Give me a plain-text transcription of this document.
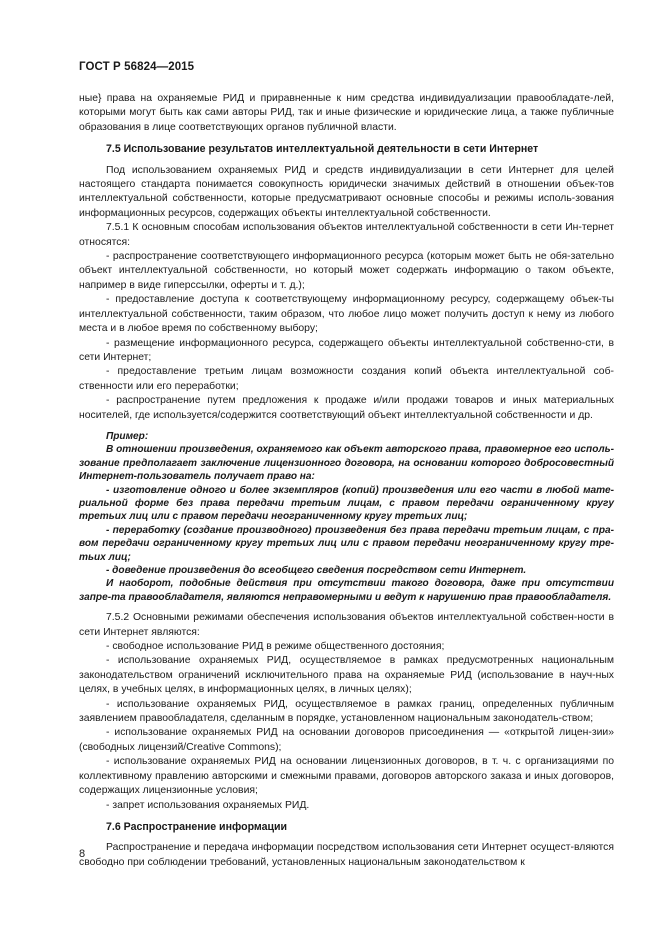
ГОСТ Р 56824—2015

ные} права на охраняемые РИД и приравненные к ним средства индивидуализации правообладате-лей, которыми могут быть как сами авторы РИД, так и иные физические и юридические лица, а также публичные образования в лице соответствующих органов публичной власти.

7.5 Использование результатов интеллектуальной деятельности в сети Интернет

Под использованием охраняемых РИД и средств индивидуализации в сети Интернет для целей настоящего стандарта понимается совокупность юридически значимых действий в отношении объек-тов интеллектуальной собственности, которые предусматривают основные способы и режимы исполь-зования информационных ресурсов, содержащих объекты интеллектуальной собственности.

7.5.1 К основным способам использования объектов интеллектуальной собственности в сети Ин-тернет относятся:

- распространение соответствующего информационного ресурса (которым может быть не обя-зательно объект интеллектуальной собственности, но который может содержать информацию о таком объекте, например в виде гиперссылки, оферты и т. д.);

- предоставление доступа к соответствующему информационному ресурсу, содержащему объек-ты интеллектуальной собственности, таким образом, что любое лицо может получить доступ к нему из любого места и в любое время по собственному выбору;

- размещение информационного ресурса, содержащего объекты интеллектуальной собственно-сти, в сети Интернет;

- предоставление третьим лицам возможности создания копий объекта интеллектуальной соб-ственности или его переработки;

- распространение путем предложения к продаже и/или продажи товаров и иных материальных носителей, где используется/содержится соответствующий объект интеллектуальной собственности и др.

Пример:

В отношении произведения, охраняемого как объект авторского права, правомерное его исполь-зование предполагает заключение лицензионного договора, на основании которого добросовестный Интернет-пользователь получает право на:

- изготовление одного и более экземпляров (копий) произведения или его части в любой мате-риальной форме без права передачи третьим лицам, с правом передачи ограниченному кругу третьих лиц или с правом передачи неограниченному кругу третьих лиц;

- переработку (создание производного) произведения без права передачи третьим лицам, с пра-вом передачи ограниченному кругу третьих лиц или с правом передачи неограниченному кругу тре-тьих лиц;

- доведение произведения до всеобщего сведения посредством сети Интернет.

И наоборот, подобные действия при отсутствии такого договора, даже при отсутствии запре-та правообладателя, являются неправомерными и ведут к нарушению прав правообладателя.

7.5.2 Основными режимами обеспечения использования объектов интеллектуальной собствен-ности в сети Интернет являются:

- свободное использование РИД в режиме общественного достояния;

- использование охраняемых РИД, осуществляемое в рамках предусмотренных национальным законодательством ограничений исключительного права на охраняемые РИД (использование в науч-ных целях, в учебных целях, в информационных целях, в личных целях);

- использование охраняемых РИД, осуществляемое в рамках границ, определенных публичным заявлением правообладателя, сделанным в порядке, установленном национальным законодатель-ством;

- использование охраняемых РИД на основании договоров присоединения — «открытой лицен-зии» (свободных лицензий/Creative Commons);

- использование охраняемых РИД на основании лицензионных договоров, в т. ч. с организациями по коллективному правлению авторскими и смежными правами, договоров авторского заказа и иных договоров, содержащих лицензионные условия;

- запрет использования охраняемых РИД.

7.6 Распространение информации

Распространение и передача информации посредством использования сети Интернет осущест-вляются свободно при соблюдении требований, установленных национальным законодательством к

8
